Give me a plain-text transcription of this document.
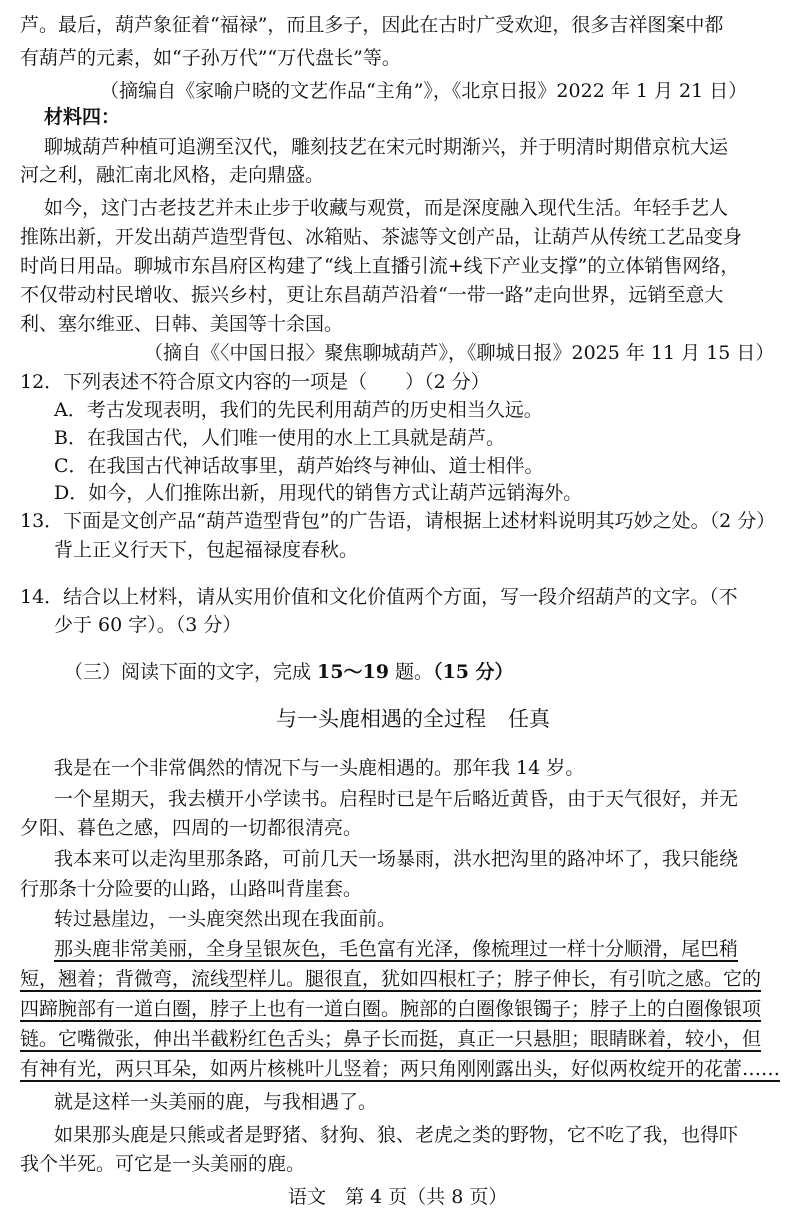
芦。最后，葫芦象征着“福禄”，而且多子，因此在古时广受欢迎，很多吉祥图案中都
有葫芦的元素，如“子孙万代”“万代盘长”等。
（摘编自《家喻户晓的文艺作品“主角”》，《北京日报》2022 年 1 月 21 日）
材料四：
聊城葫芦种植可追溯至汉代，雕刻技艺在宋元时期渐兴，并于明清时期借京杭大运
河之利，融汇南北风格，走向鼎盛。
如今，这门古老技艺并未止步于收藏与观赏，而是深度融入现代生活。年轻手艺人
推陈出新，开发出葫芦造型背包、冰箱贴、茶滤等文创产品，让葫芦从传统工艺品变身
时尚日用品。聊城市东昌府区构建了“线上直播引流+线下产业支撑”的立体销售网络，
不仅带动村民增收、振兴乡村，更让东昌葫芦沿着“一带一路”走向世界，远销至意大
利、塞尔维亚、日韩、美国等十余国。
（摘自《〈中国日报〉聚焦聊城葫芦》，《聊城日报》2025 年 11 月 15 日）
12．下列表述不符合原文内容的一项是（　　）（2 分）
A．考古发现表明，我们的先民利用葫芦的历史相当久远。
B．在我国古代，人们唯一使用的水上工具就是葫芦。
C．在我国古代神话故事里，葫芦始终与神仙、道士相伴。
D．如今，人们推陈出新，用现代的销售方式让葫芦远销海外。
13．下面是文创产品“葫芦造型背包”的广告语，请根据上述材料说明其巧妙之处。（2 分）
背上正义行天下，包起福禄度春秋。
14．结合以上材料，请从实用价值和文化价值两个方面，写一段介绍葫芦的文字。（不
少于 60 字）。（3 分）
（三）阅读下面的文字，完成 15～19 题。（15 分）
与一头鹿相遇的全过程 任真
我是在一个非常偶然的情况下与一头鹿相遇的。那年我 14 岁。
一个星期天，我去横开小学读书。启程时已是午后略近黄昏，由于天气很好，并无
夕阳、暮色之感，四周的一切都很清亮。
我本来可以走沟里那条路，可前几天一场暴雨，洪水把沟里的路冲坏了，我只能绕
行那条十分险要的山路，山路叫背崖套。
转过悬崖边，一头鹿突然出现在我面前。
那头鹿非常美丽，全身呈银灰色，毛色富有光泽，像梳理过一样十分顺滑，尾巴稍
短，翘着；背微弯，流线型样儿。腿很直，犹如四根杠子；脖子伸长，有引吭之感。它的
四蹄腕部有一道白圈，脖子上也有一道白圈。腕部的白圈像银镯子；脖子上的白圈像银项
链。它嘴微张，伸出半截粉红色舌头；鼻子长而挺，真正一只悬胆；眼睛眯着，较小，但
有神有光，两只耳朵，如两片核桃叶儿竖着；两只角刚刚露出头，好似两枚绽开的花蕾……
就是这样一头美丽的鹿，与我相遇了。
如果那头鹿是只熊或者是野猪、豺狗、狼、老虎之类的野物，它不吃了我，也得吓
我个半死。可它是一头美丽的鹿。
语文　第 4 页（共 8 页）
